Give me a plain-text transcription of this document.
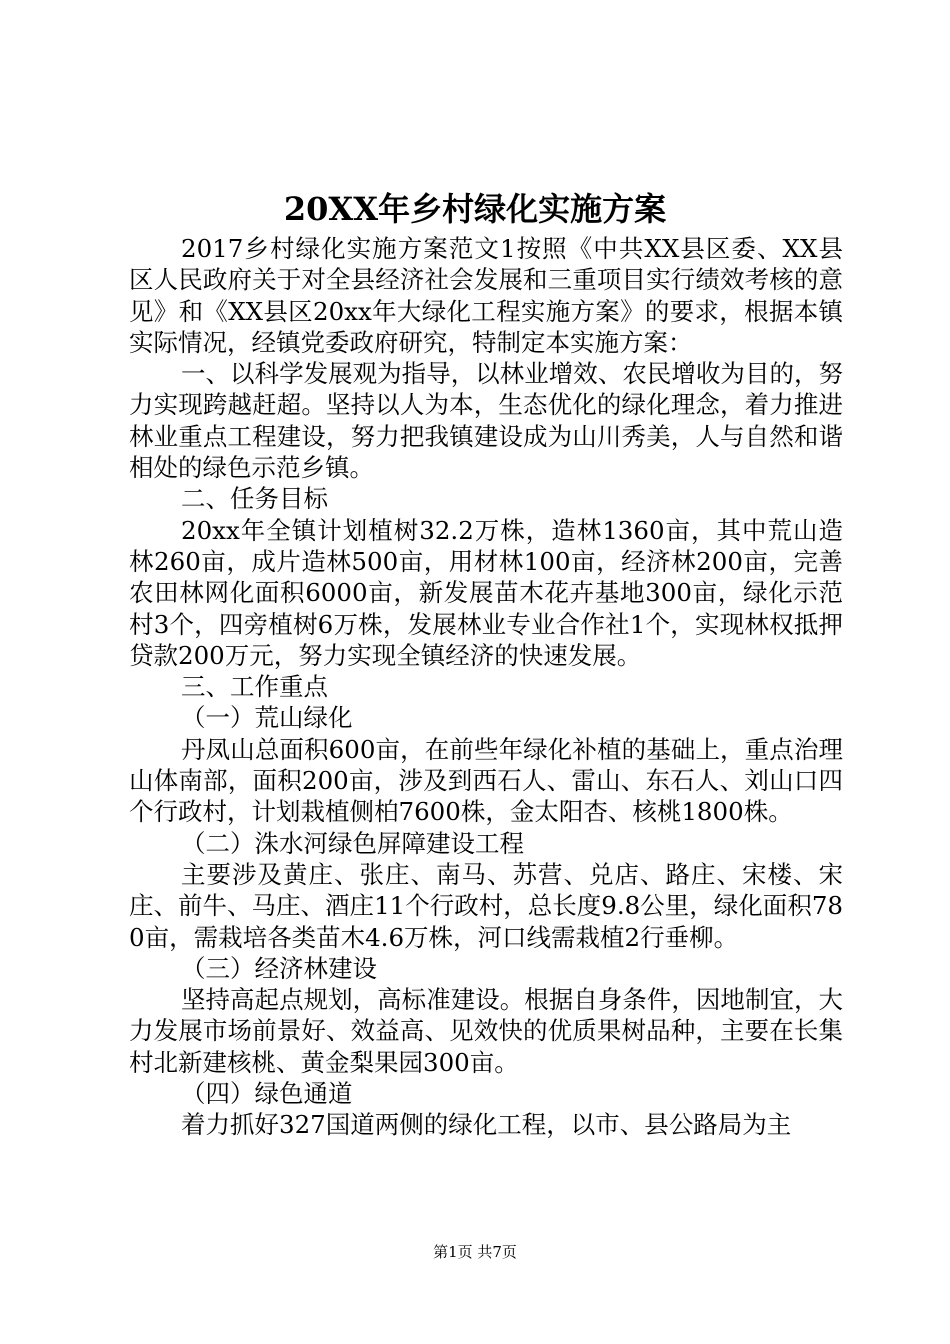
20XX年乡村绿化实施方案

2017乡村绿化实施方案范文1按照《中共XX县区委、XX县区人民政府关于对全县经济社会发展和三重项目实行绩效考核的意见》和《XX县区20xx年大绿化工程实施方案》的要求，根据本镇实际情况，经镇党委政府研究，特制定本实施方案：

一、以科学发展观为指导，以林业增效、农民增收为目的，努力实现跨越赶超。坚持以人为本，生态优化的绿化理念，着力推进林业重点工程建设，努力把我镇建设成为山川秀美，人与自然和谐相处的绿色示范乡镇。

二、任务目标

20xx年全镇计划植树32.2万株，造林1360亩，其中荒山造林260亩，成片造林500亩，用材林100亩，经济林200亩，完善农田林网化面积6000亩，新发展苗木花卉基地300亩，绿化示范村3个，四旁植树6万株，发展林业专业合作社1个，实现林权抵押贷款200万元，努力实现全镇经济的快速发展。

三、工作重点

（一）荒山绿化

丹凤山总面积600亩，在前些年绿化补植的基础上，重点治理山体南部，面积200亩，涉及到西石人、雷山、东石人、刘山口四个行政村，计划栽植侧柏7600株，金太阳杏、核桃1800株。

（二）洙水河绿色屏障建设工程

主要涉及黄庄、张庄、南马、苏营、兑店、路庄、宋楼、宋庄、前牛、马庄、酒庄11个行政村，总长度9.8公里，绿化面积780亩，需栽培各类苗木4.6万株，河口线需栽植2行垂柳。

（三）经济林建设

坚持高起点规划，高标准建设。根据自身条件，因地制宜，大力发展市场前景好、效益高、见效快的优质果树品种，主要在长集村北新建核桃、黄金梨果园300亩。

（四）绿色通道

着力抓好327国道两侧的绿化工程，以市、县公路局为主

第1页 共7页
